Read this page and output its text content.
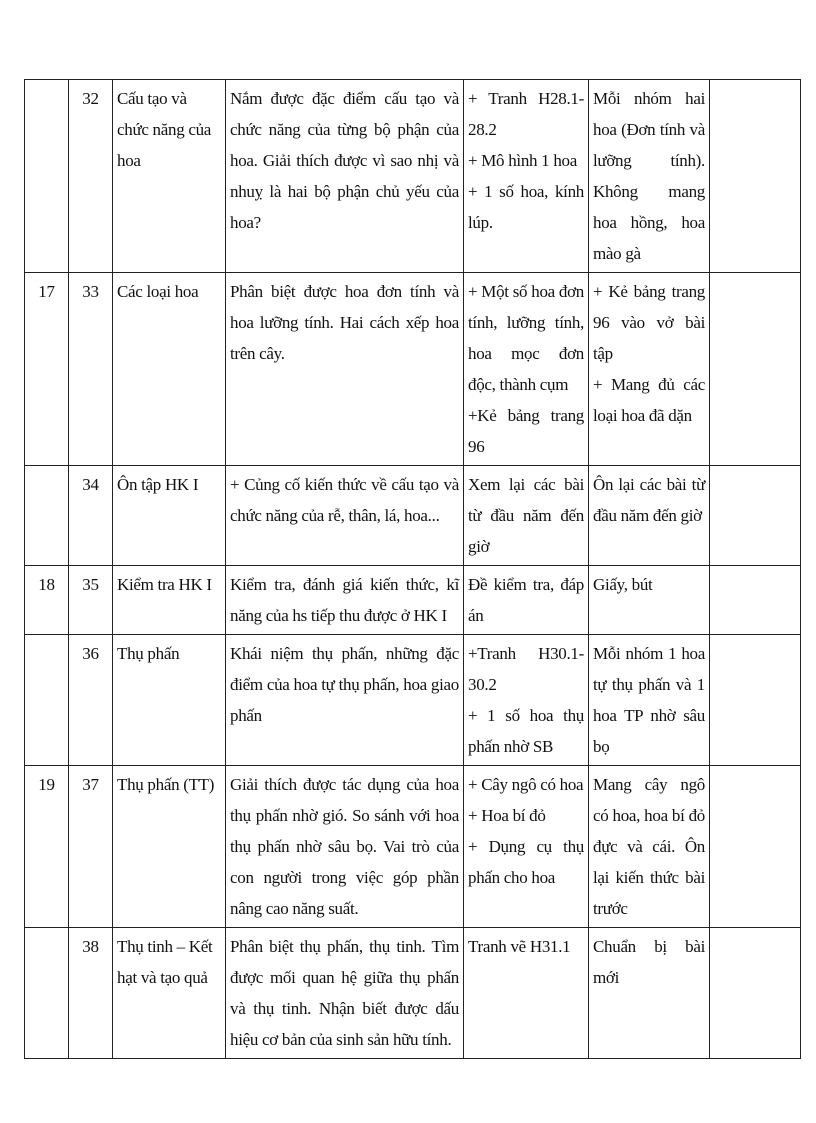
	32	Cấu tạo và chức năng của hoa	Nắm được đặc điểm cấu tạo và chức năng của từng bộ phận của hoa. Giải thích được vì sao nhị và nhuỵ là hai bộ phận chủ yếu của hoa?	+ Tranh H28.1-28.2
+ Mô hình 1 hoa
+ 1 số hoa, kính lúp.	Mỗi nhóm hai hoa (Đơn tính và lưỡng tính). Không mang hoa hồng, hoa mào gà	
17	33	Các loại hoa	Phân biệt được hoa đơn tính và hoa lưỡng tính. Hai cách xếp hoa trên cây.	+ Một số hoa đơn tính, lưỡng tính, hoa mọc đơn độc, thành cụm
+Kẻ bảng trang 96	+ Kẻ bảng trang 96 vào vở bài tập
+ Mang đủ các loại hoa đã dặn	
	34	Ôn tập HK I	+ Củng cố kiến thức về cấu tạo và chức năng của rễ, thân, lá, hoa...	Xem lại các bài từ đầu năm đến giờ	Ôn lại các bài từ đầu năm đến giờ	
18	35	Kiểm tra HK I	Kiểm tra, đánh giá kiến thức, kĩ năng của hs tiếp thu được ở HK I	Đề kiểm tra, đáp án	Giấy, bút	
	36	Thụ phấn	Khái niệm thụ phấn, những đặc điểm của hoa tự thụ phấn, hoa giao phấn	+Tranh H30.1-30.2
+ 1 số hoa thụ phấn nhờ SB	Mỗi nhóm 1 hoa tự thụ phấn và 1 hoa TP nhờ sâu bọ	
19	37	Thụ phấn (TT)	Giải thích được tác dụng của hoa thụ phấn nhờ gió. So sánh với hoa thụ phấn nhờ sâu bọ. Vai trò của con người trong việc góp phần nâng cao năng suất.	+ Cây ngô có hoa
+ Hoa bí đỏ
+ Dụng cụ thụ phấn cho hoa	Mang cây ngô có hoa, hoa bí đỏ đực và cái. Ôn lại kiến thức bài trước	
	38	Thụ tinh – Kết hạt và tạo quả	Phân biệt thụ phấn, thụ tinh. Tìm được mối quan hệ giữa thụ phấn và thụ tinh. Nhận biết được dấu hiệu cơ bản của sinh sản hữu tính.	Tranh vẽ H31.1	Chuẩn bị bài mới	
